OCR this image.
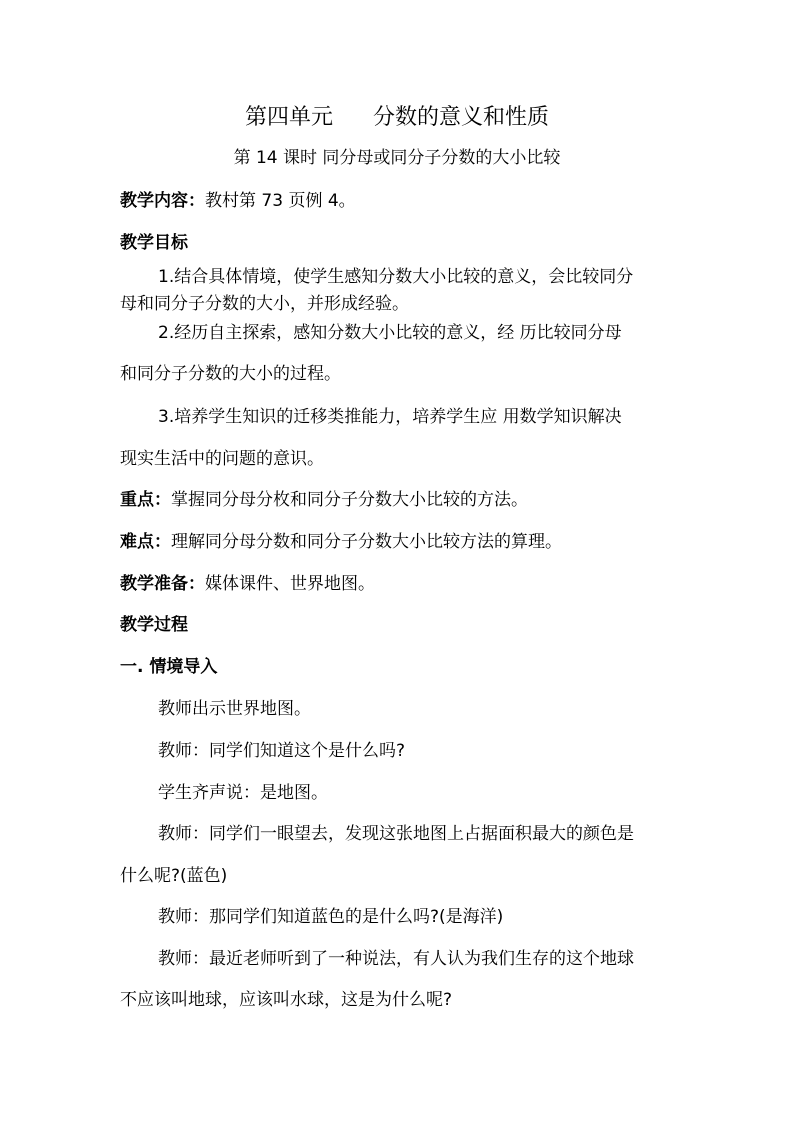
第四单元 分数的意义和性质
第 14 课时 同分母或同分子分数的大小比较
教学内容：教村第 73 页例 4。
教学目标
1.结合具体情境，使学生感知分数大小比较的意义，会比较同分
母和同分子分数的大小，并形成经验。
2.经历自主探索，感知分数大小比较的意义，经 历比较同分母
和同分子分数的大小的过程。
3.培养学生知识的迁移类推能力，培养学生应 用数学知识解决
现实生活中的问题的意识。
重点：掌握同分母分枚和同分子分数大小比较的方法。
难点：理解同分母分数和同分子分数大小比较方法的算理。
教学准备：媒体课件、世界地图。
教学过程
一. 情境导入
教师出示世界地图。
教师：同学们知道这个是什么吗?
学生齐声说：是地图。
教师：同学们一眼望去，发现这张地图上占据面积最大的颜色是
什么呢?(蓝色)
教师：那同学们知道蓝色的是什么吗?(是海洋)
教师：最近老师听到了一种说法，有人认为我们生存的这个地球
不应该叫地球，应该叫水球，这是为什么呢?
